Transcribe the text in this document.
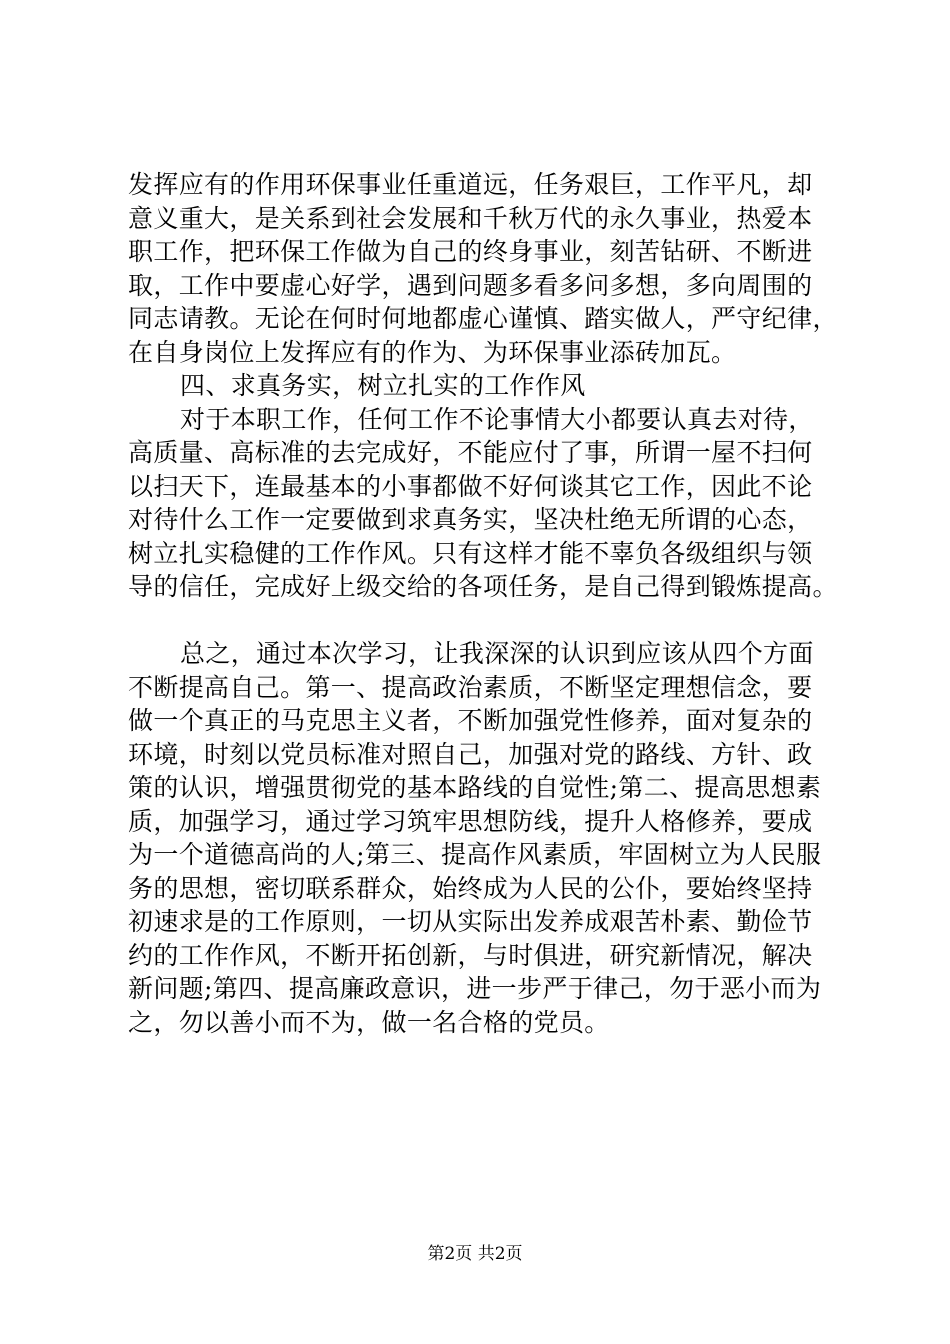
发挥应有的作用环保事业任重道远，任务艰巨，工作平凡，却
意义重大，是关系到社会发展和千秋万代的永久事业，热爱本
职工作，把环保工作做为自己的终身事业，刻苦钻研、不断进
取，工作中要虚心好学，遇到问题多看多问多想，多向周围的
同志请教。无论在何时何地都虚心谨慎、踏实做人，严守纪律，
在自身岗位上发挥应有的作为、为环保事业添砖加瓦。
四、求真务实，树立扎实的工作作风
对于本职工作，任何工作不论事情大小都要认真去对待，
高质量、高标准的去完成好，不能应付了事，所谓一屋不扫何
以扫天下，连最基本的小事都做不好何谈其它工作，因此不论
对待什么工作一定要做到求真务实，坚决杜绝无所谓的心态，
树立扎实稳健的工作作风。只有这样才能不辜负各级组织与领
导的信任，完成好上级交给的各项任务，是自己得到锻炼提高。
总之，通过本次学习，让我深深的认识到应该从四个方面
不断提高自己。第一、提高政治素质，不断坚定理想信念，要
做一个真正的马克思主义者，不断加强党性修养，面对复杂的
环境，时刻以党员标准对照自己，加强对党的路线、方针、政
策的认识，增强贯彻党的基本路线的自觉性;第二、提高思想素
质，加强学习，通过学习筑牢思想防线，提升人格修养，要成
为一个道德高尚的人;第三、提高作风素质，牢固树立为人民服
务的思想，密切联系群众，始终成为人民的公仆，要始终坚持
初速求是的工作原则，一切从实际出发养成艰苦朴素、勤俭节
约的工作作风，不断开拓创新，与时俱进，研究新情况，解决
新问题;第四、提高廉政意识，进一步严于律己，勿于恶小而为
之，勿以善小而不为，做一名合格的党员。
第2页 共2页
